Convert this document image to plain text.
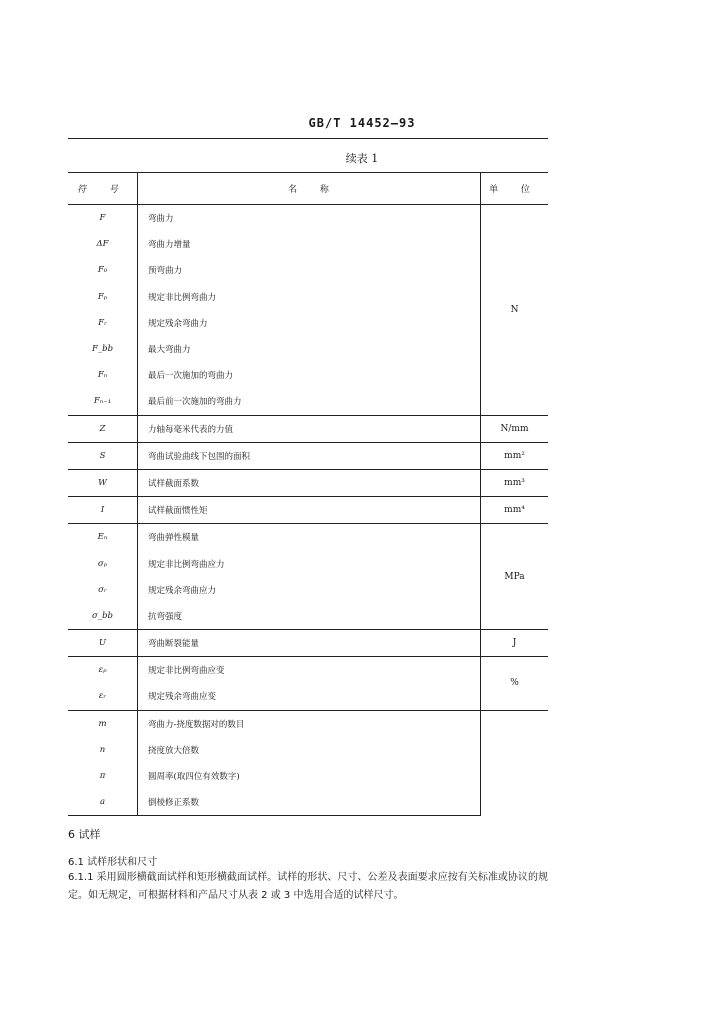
GB/T 14452—93
续表 1
符 号	名 称	单 位
F	弯曲力	N
ΔF	弯曲力增量	
F₀	预弯曲力	
Fₚ	规定非比例弯曲力	
Fᵣ	规定残余弯曲力	
F_bb	最大弯曲力	
Fₙ	最后一次施加的弯曲力	
Fₙ₋₁	最后前一次施加的弯曲力	
Z	力轴每毫米代表的力值	N/mm
S	弯曲试验曲线下包围的面积	mm²
W	试样截面系数	mm³
I	试样截面惯性矩	mm⁴
Eₙ	弯曲弹性模量	MPa
σₚ	规定非比例弯曲应力	
σᵣ	规定残余弯曲应力	
σ_bb	抗弯强度	
U	弯曲断裂能量	J
εₚ	规定非比例弯曲应变	%
εᵣ	规定残余弯曲应变	
m	弯曲力-挠度数据对的数目	
n	挠度放大倍数	
π	圆周率(取四位有效数字)	
a	倒棱修正系数	
6 试样
6.1 试样形状和尺寸
6.1.1 采用圆形横截面试样和矩形横截面试样。试样的形状、尺寸、公差及表面要求应按有关标准或协议的规定。如无规定，可根据材料和产品尺寸从表 2 或 3 中选用合适的试样尺寸。
